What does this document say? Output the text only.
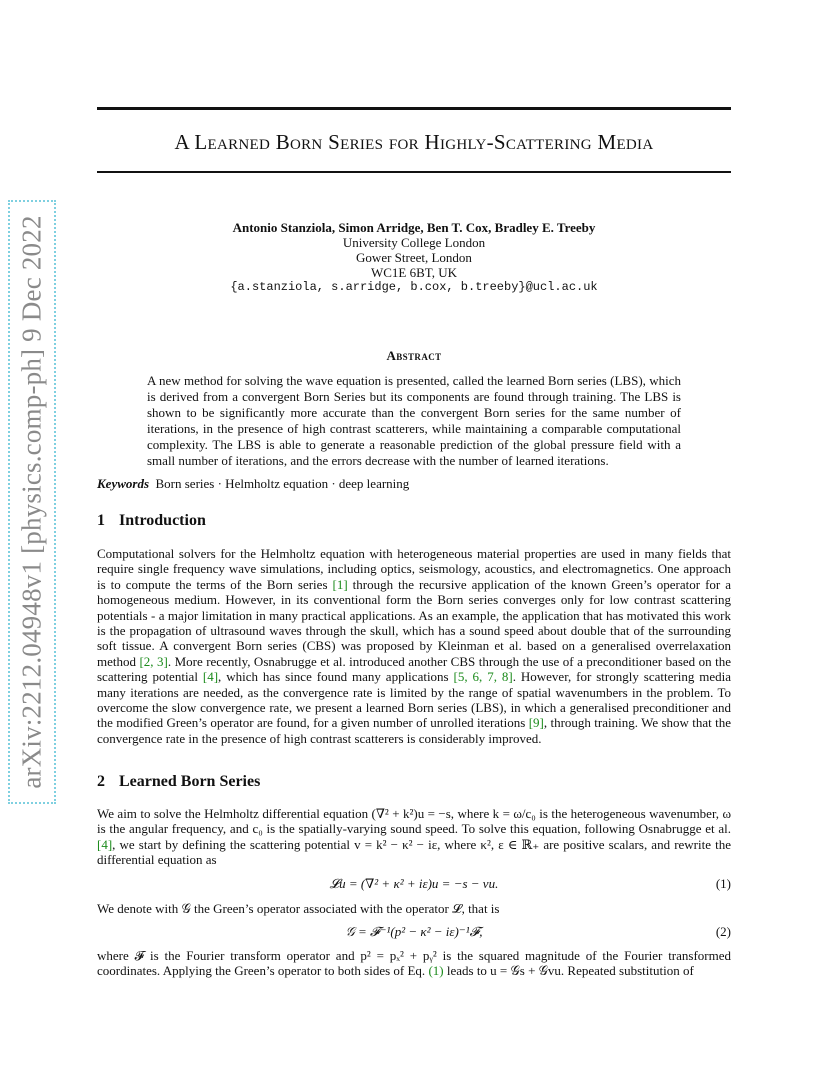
A Learned Born Series for Highly-Scattering Media
arXiv:2212.04948v1 [physics.comp-ph] 9 Dec 2022	Antonio Stanziola, Simon Arridge, Ben T. Cox, Bradley E. Treeby
University College London
Gower Street, London
WC1E 6BT, UK
{a.stanziola, s.arridge, b.cox, b.treeby}@ucl.ac.uk
Abstract
A new method for solving the wave equation is presented, called the learned Born series (LBS), which is derived from a convergent Born Series but its components are found through training. The LBS is shown to be significantly more accurate than the convergent Born series for the same number of iterations, in the presence of high contrast scatterers, while maintaining a comparable computational complexity. The LBS is able to generate a reasonable prediction of the global pressure field with a small number of iterations, and the errors decrease with the number of learned iterations.
Keywords Born series · Helmholtz equation · deep learning
1 Introduction
Computational solvers for the Helmholtz equation with heterogeneous material properties are used in many fields that require single frequency wave simulations, including optics, seismology, acoustics, and electromagnetics. One approach is to compute the terms of the Born series [1] through the recursive application of the known Green’s operator for a homogeneous medium. However, in its conventional form the Born series converges only for low contrast scattering potentials - a major limitation in many practical applications. As an example, the application that has motivated this work is the propagation of ultrasound waves through the skull, which has a sound speed about double that of the surrounding soft tissue. A convergent Born series (CBS) was proposed by Kleinman et al. based on a generalised overrelaxation method [2, 3]. More recently, Osnabrugge et al. introduced another CBS through the use of a preconditioner based on the scattering potential [4], which has since found many applications [5, 6, 7, 8]. However, for strongly scattering media many iterations are needed, as the convergence rate is limited by the range of spatial wavenumbers in the problem. To overcome the slow convergence rate, we present a learned Born series (LBS), in which a generalised preconditioner and the modified Green’s operator are found, for a given number of unrolled iterations [9], through training. We show that the convergence rate in the presence of high contrast scatterers is considerably improved.
2 Learned Born Series
We aim to solve the Helmholtz differential equation (∇² + k²)u = −s, where k = ω/c₀ is the heterogeneous wavenumber, ω is the angular frequency, and c₀ is the spatially-varying sound speed. To solve this equation, following Osnabrugge et al. [4], we start by defining the scattering potential v = k² − κ² − iε, where κ², ε ∈ ℝ₊ are positive scalars, and rewrite the differential equation as
𝓛u = (∇² + κ² + iε)u = −s − vu.	(1)
We denote with 𝒢 the Green’s operator associated with the operator 𝓛, that is
𝒢 = 𝓕⁻¹(p² − κ² − iε)⁻¹𝓕,	(2)
where 𝓕 is the Fourier transform operator and p² = pₓ² + pᵧ² is the squared magnitude of the Fourier transformed coordinates. Applying the Green’s operator to both sides of Eq. (1) leads to u = 𝒢s + 𝒢vu. Repeated substitution of
